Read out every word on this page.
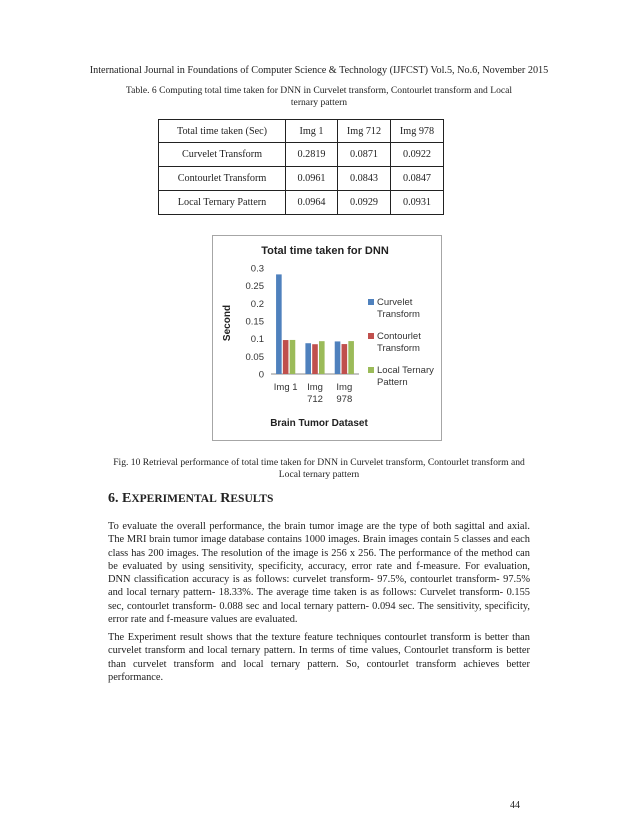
International Journal in Foundations of Computer Science & Technology (IJFCST) Vol.5, No.6, November 2015
Table. 6 Computing total time taken for DNN in Curvelet transform, Contourlet transform and Local
ternary pattern
Total time taken (Sec)	Img 1	Img 712	Img 978
Curvelet Transform	0.2819	0.0871	0.0922
Contourlet Transform	0.0961	0.0843	0.0847
Local Ternary Pattern	0.0964	0.0929	0.0931
Total time taken for DNN
0
0.05
0.1
0.15
0.2
0.25
0.3
Img 1 Img
712
Img
978
Second
Brain Tumor Dataset
Curvelet
Transform
Contourlet
Transform
Local Ternary
Pattern
Fig. 10 Retrieval performance of total time taken for DNN in Curvelet transform, Contourlet transform and
Local ternary pattern
6. EXPERIMENTAL RESULTS
To evaluate the overall performance, the brain tumor image are the type of both sagittal and axial. The MRI brain tumor image database contains 1000 images. Brain images contain 5 classes and each class has 200 images. The resolution of the image is 256 x 256. The performance of the method can be evaluated by using sensitivity, specificity, accuracy, error rate and f-measure. For evaluation, DNN classification accuracy is as follows: curvelet transform- 97.5%, contourlet transform- 97.5% and local ternary pattern- 18.33%. The average time taken is as follows: Curvelet transform- 0.155 sec, contourlet transform- 0.088 sec and local ternary pattern- 0.094 sec. The sensitivity, specificity, error rate and f-measure values are evaluated.
The Experiment result shows that the texture feature techniques contourlet transform is better than curvelet transform and local ternary pattern. In terms of time values, Contourlet transform is better than curvelet transform and local ternary pattern. So, contourlet transform achieves better performance.
44
